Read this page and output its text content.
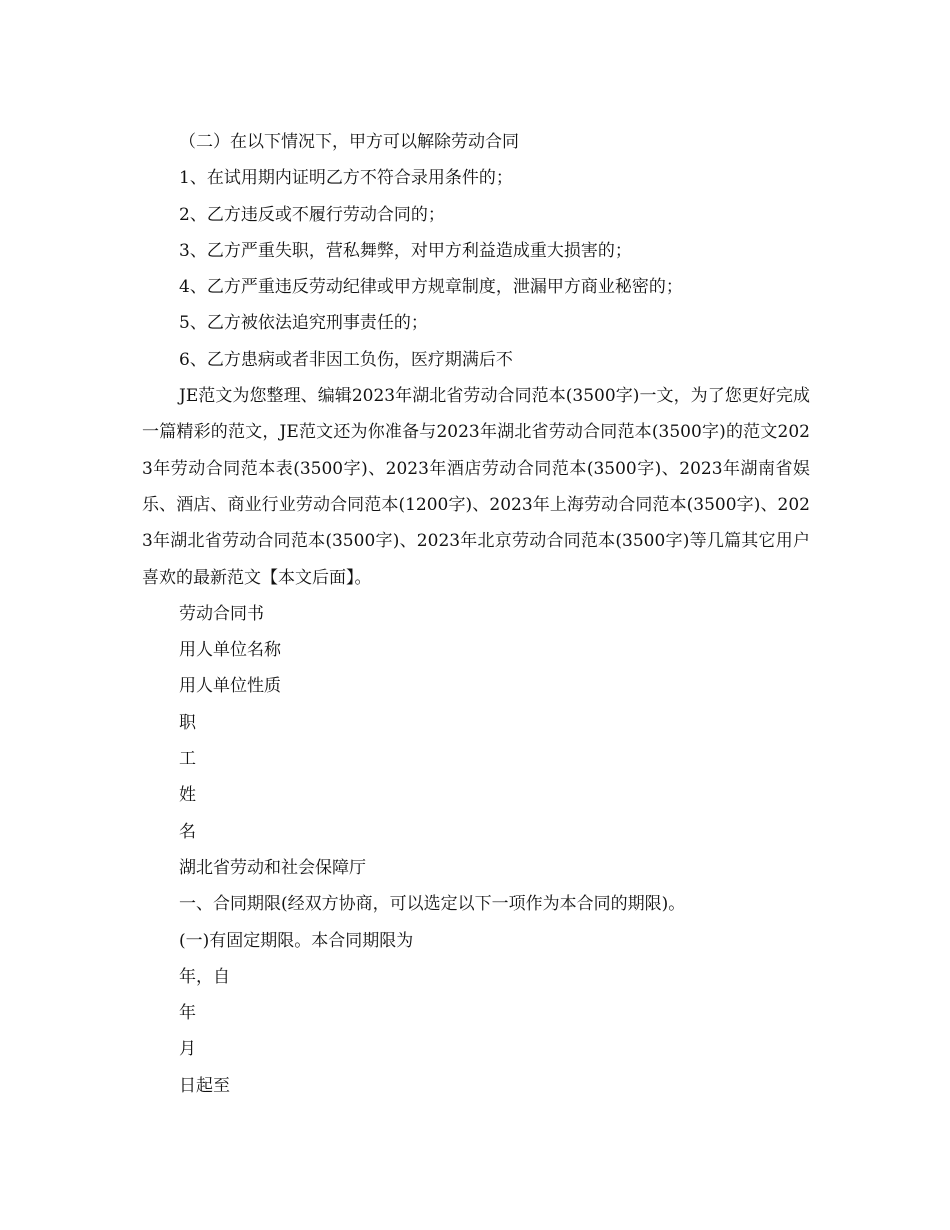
（二）在以下情况下，甲方可以解除劳动合同

1、在试用期内证明乙方不符合录用条件的；

2、乙方违反或不履行劳动合同的；

3、乙方严重失职，营私舞弊，对甲方利益造成重大损害的；

4、乙方严重违反劳动纪律或甲方规章制度，泄漏甲方商业秘密的；

5、乙方被依法追究刑事责任的；

6、乙方患病或者非因工负伤，医疗期满后不

JE范文为您整理、编辑2023年湖北省劳动合同范本(3500字)一文，为了您更好完成一篇精彩的范文，JE范文还为你准备与2023年湖北省劳动合同范本(3500字)的范文2023年劳动合同范本表(3500字)、2023年酒店劳动合同范本(3500字)、2023年湖南省娱乐、酒店、商业行业劳动合同范本(1200字)、2023年上海劳动合同范本(3500字)、2023年湖北省劳动合同范本(3500字)、2023年北京劳动合同范本(3500字)等几篇其它用户喜欢的最新范文【本文后面】。

劳动合同书

用人单位名称

用人单位性质

职

工

姓

名

湖北省劳动和社会保障厅

一、合同期限(经双方协商，可以选定以下一项作为本合同的期限)。

(一)有固定期限。本合同期限为

年，自

年

月

日起至
